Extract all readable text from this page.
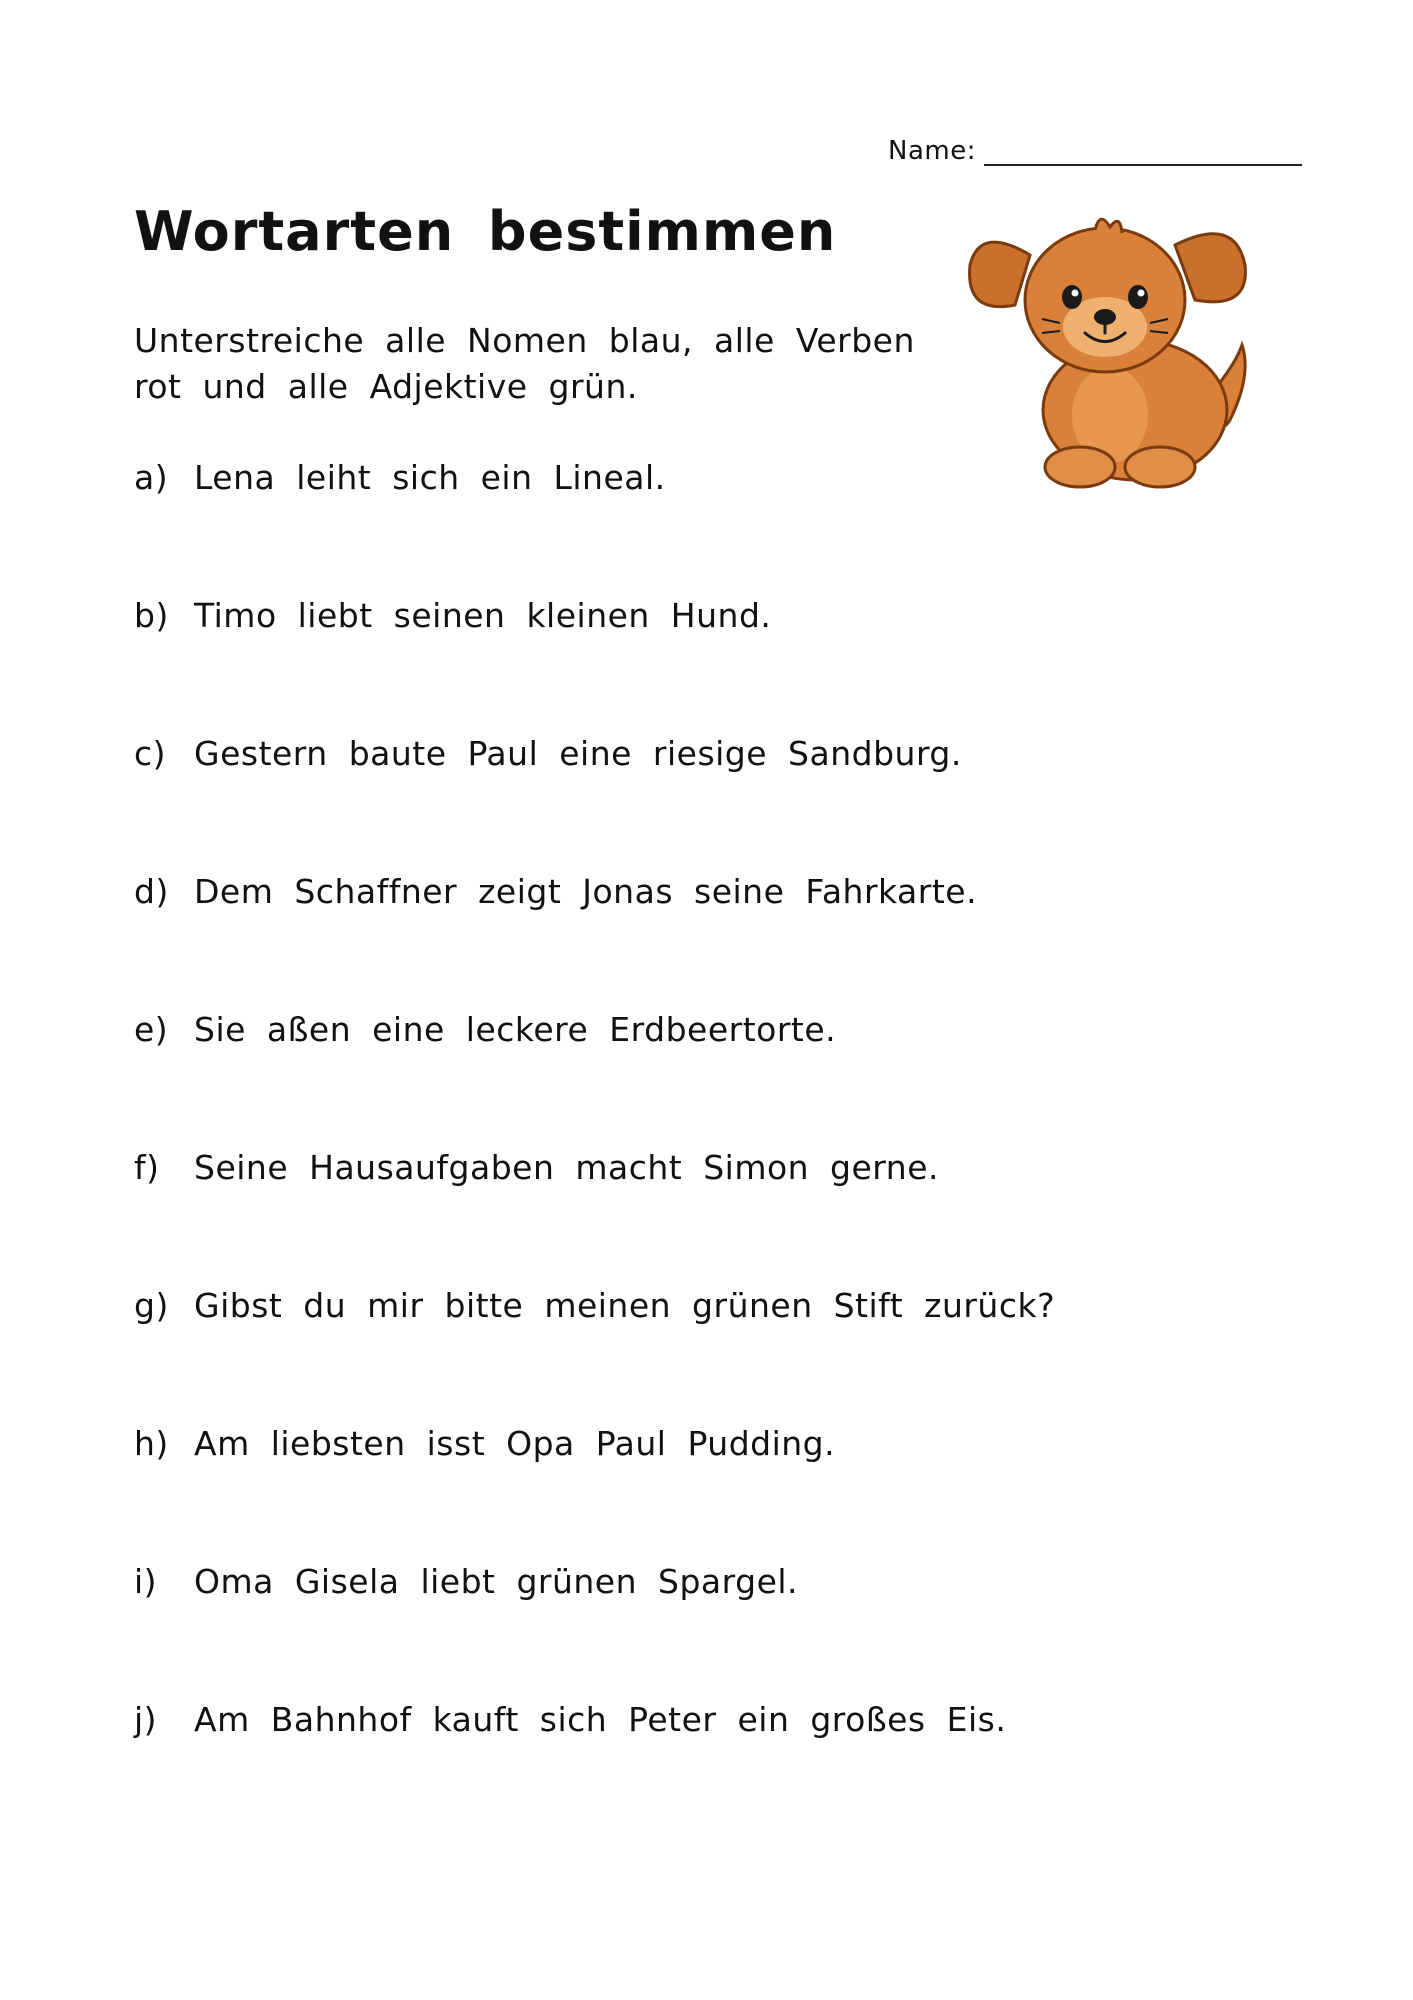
Name:
Wortarten bestimmen
Unterstreiche alle Nomen blau, alle Verben rot und alle Adjektive grün.
a) Lena leiht sich ein Lineal.
b) Timo liebt seinen kleinen Hund.
c) Gestern baute Paul eine riesige Sandburg.
d) Dem Schaffner zeigt Jonas seine Fahrkarte.
e) Sie aßen eine leckere Erdbeertorte.
f)	Seine Hausaufgaben macht Simon gerne.
g) Gibst du mir bitte meinen grünen Stift zurück?
h) Am liebsten isst Opa Paul Pudding.
i)	Oma Gisela liebt grünen Spargel.
j)	Am Bahnhof kauft sich Peter ein großes Eis.
